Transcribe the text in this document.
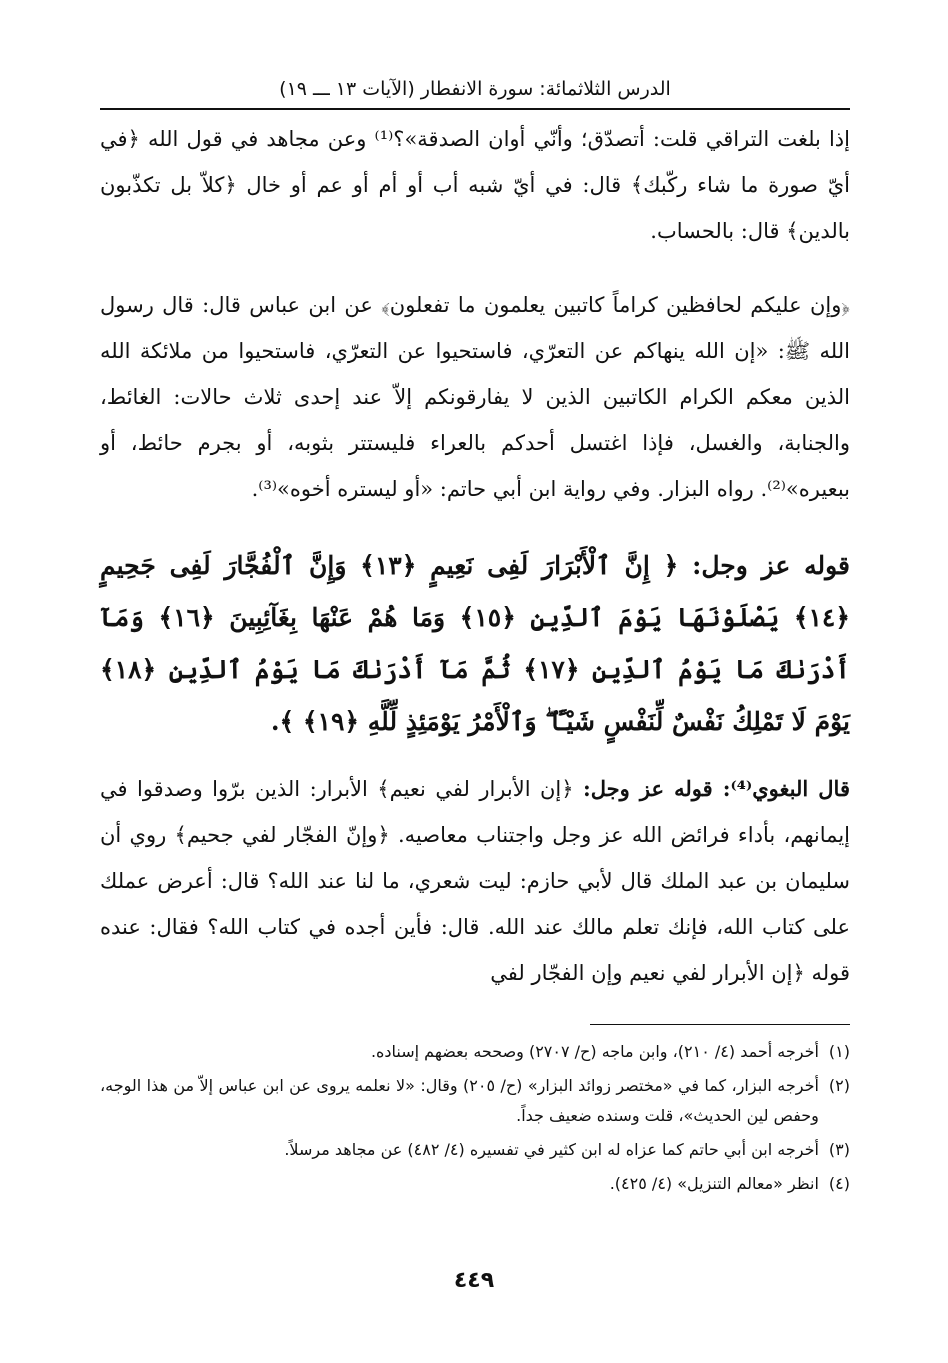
الدرس الثلاثمائة: سورة الانفطار (الآيات ١٣ ـــ ١٩)

إذا بلغت التراقي قلت: أتصدّق؛ وأنّي أوان الصدقة»؟⁽¹⁾ وعن مجاهد في قول الله ﴿في أيّ صورة ما شاء ركّبك﴾ قال: في أيّ شبه أب أو أم أو عم أو خال ﴿كلاّ بل تكذّبون بالدين﴾ قال: بالحساب.

﴿وإن عليكم لحافظين كراماً كاتبين يعلمون ما تفعلون﴾ عن ابن عباس قال: قال رسول الله ﷺ: «إن الله ينهاكم عن التعرّي، فاستحيوا عن التعرّي، فاستحيوا من ملائكة الله الذين معكم الكرام الكاتبين الذين لا يفارقونكم إلاّ عند إحدى ثلاث حالات: الغائط، والجنابة، والغسل، فإذا اغتسل أحدكم بالعراء فليستتر بثوبه، أو بجرم حائط، أو ببعيره»⁽²⁾. رواه البزار. وفي رواية ابن أبي حاتم: «أو ليستره أخوه»⁽³⁾.

قوله عز وجل: ﴿ إِنَّ ٱلْأَبْرَارَ لَفِى نَعِيمٍ ﴿١٣﴾ وَإِنَّ ٱلْفُجَّارَ لَفِى جَحِيمٍ ﴿١٤﴾ يَصْلَوْنَهَا يَوْمَ ٱلدِّينِ ﴿١٥﴾ وَمَا هُمْ عَنْهَا بِغَآئِبِينَ ﴿١٦﴾ وَمَآ أَدْرَىٰكَ مَا يَوْمُ ٱلدِّينِ ﴿١٧﴾ ثُمَّ مَآ أَدْرَىٰكَ مَا يَوْمُ ٱلدِّينِ ﴿١٨﴾ يَوْمَ لَا تَمْلِكُ نَفْسٌ لِّنَفْسٍ شَيْـًٔا ۖ وَٱلْأَمْرُ يَوْمَئِذٍ لِّلَّهِ ﴿١٩﴾ ﴾.

قال البغوي⁽⁴⁾: قوله عز وجل: ﴿إن الأبرار لفي نعيم﴾ الأبرار: الذين برّوا وصدقوا في إيمانهم، بأداء فرائض الله عز وجل واجتناب معاصيه. ﴿وإنّ الفجّار لفي جحيم﴾ روي أن سليمان بن عبد الملك قال لأبي حازم: ليت شعري، ما لنا عند الله؟ قال: أعرض عملك على كتاب الله، فإنك تعلم مالك عند الله. قال: فأين أجده في كتاب الله؟ فقال: عنده قوله ﴿إن الأبرار لفي نعيم وإن الفجّار لفي

(١)
أخرجه أحمد (٤/ ٢١٠)، وابن ماجه (ح/ ٢٧٠٧) وصححه بعضهم إسناده.
(٢)
أخرجه البزار، كما في «مختصر زوائد البزار» (ح/ ٢٠٥) وقال: «لا نعلمه يروى عن ابن عباس إلاّ من هذا الوجه، وحفص لين الحديث»، قلت وسنده ضعيف جداً.
(٣)
أخرجه ابن أبي حاتم كما عزاه له ابن كثير في تفسيره (٤/ ٤٨٢) عن مجاهد مرسلاً.
(٤)
انظر «معالم التنزيل» (٤/ ٤٢٥).
٤٤٩
